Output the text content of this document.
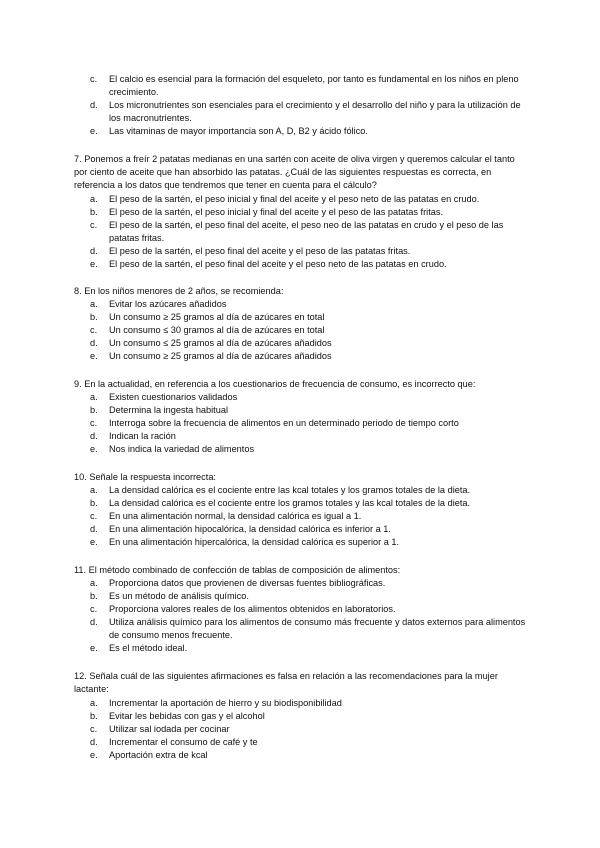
c.	El calcio es esencial para la formación del esqueleto, por tanto es fundamental en los niños en pleno crecimiento.
d.	Los micronutrientes son esenciales para el crecimiento y el desarrollo del niño y para la utilización de los macronutrientes.
e.	Las vitaminas de mayor importancia son A, D, B2 y ácido fólico.
7. Ponemos a freír 2 patatas medianas en una sartén con aceite de oliva virgen y queremos calcular el tanto por ciento de aceite que han absorbido las patatas. ¿Cuál de las siguientes respuestas es correcta, en referencia a los datos que tendremos que tener en cuenta para el cálculo?
a.	El peso de la sartén, el peso inicial y final del aceite y el peso neto de las patatas en crudo.
b.	El peso de la sartén, el peso inicial y final del aceite y el peso de las patatas fritas.
c.	El peso de la sartén, el peso final del aceite, el peso neo de las patatas en crudo y el peso de las patatas fritas.
d.	El peso de la sartén, el peso final del aceite y el peso de las patatas fritas.
e.	El peso de la sartén, el peso final del aceite y el peso neto de las patatas en crudo.
8. En los niños menores de 2 años, se recomienda:
a.	Evitar los azúcares añadidos
b.	Un consumo ≥ 25 gramos al día de azúcares en total
c.	Un consumo ≤ 30 gramos al día de azúcares en total
d.	Un consumo ≤ 25 gramos al día de azúcares añadidos
e.	Un consumo ≥ 25 gramos al día de azúcares añadidos
9. En la actualidad, en referencia a los cuestionarios de frecuencia de consumo, es incorrecto que:
a.	Existen cuestionarios validados
b.	Determina la ingesta habitual
c.	Interroga sobre la frecuencia de alimentos en un determinado periodo de tiempo corto
d.	Indican la ración
e.	Nos indica la variedad de alimentos
10. Señale la respuesta incorrecta:
a.	La densidad calórica es el cociente entre las kcal totales y los gramos totales de la dieta.
b.	La densidad calórica es el cociente entre los gramos totales y las kcal totales de la dieta.
c.	En una alimentación normal, la densidad calórica es igual a 1.
d.	En una alimentación hipocalórica, la densidad calórica es inferior a 1.
e.	En una alimentación hipercalórica, la densidad calórica es superior a 1.
11. El método combinado de confección de tablas de composición de alimentos:
a.	Proporciona datos que provienen de diversas fuentes bibliográficas.
b.	Es un método de análisis químico.
c.	Proporciona valores reales de los alimentos obtenidos en laboratorios.
d.	Utiliza análisis químico para los alimentos de consumo más frecuente y datos externos para alimentos de consumo menos frecuente.
e.	Es el método ideal.
12. Señala cuál de las siguientes afirmaciones es falsa en relación a las recomendaciones para la mujer lactante:
a.	Incrementar la aportación de hierro y su biodisponibilidad
b.	Evitar les bebidas con gas y el alcohol
c.	Utilizar sal iodada per cocinar
d.	Incrementar el consumo de café y te
e.	Aportación extra de kcal
